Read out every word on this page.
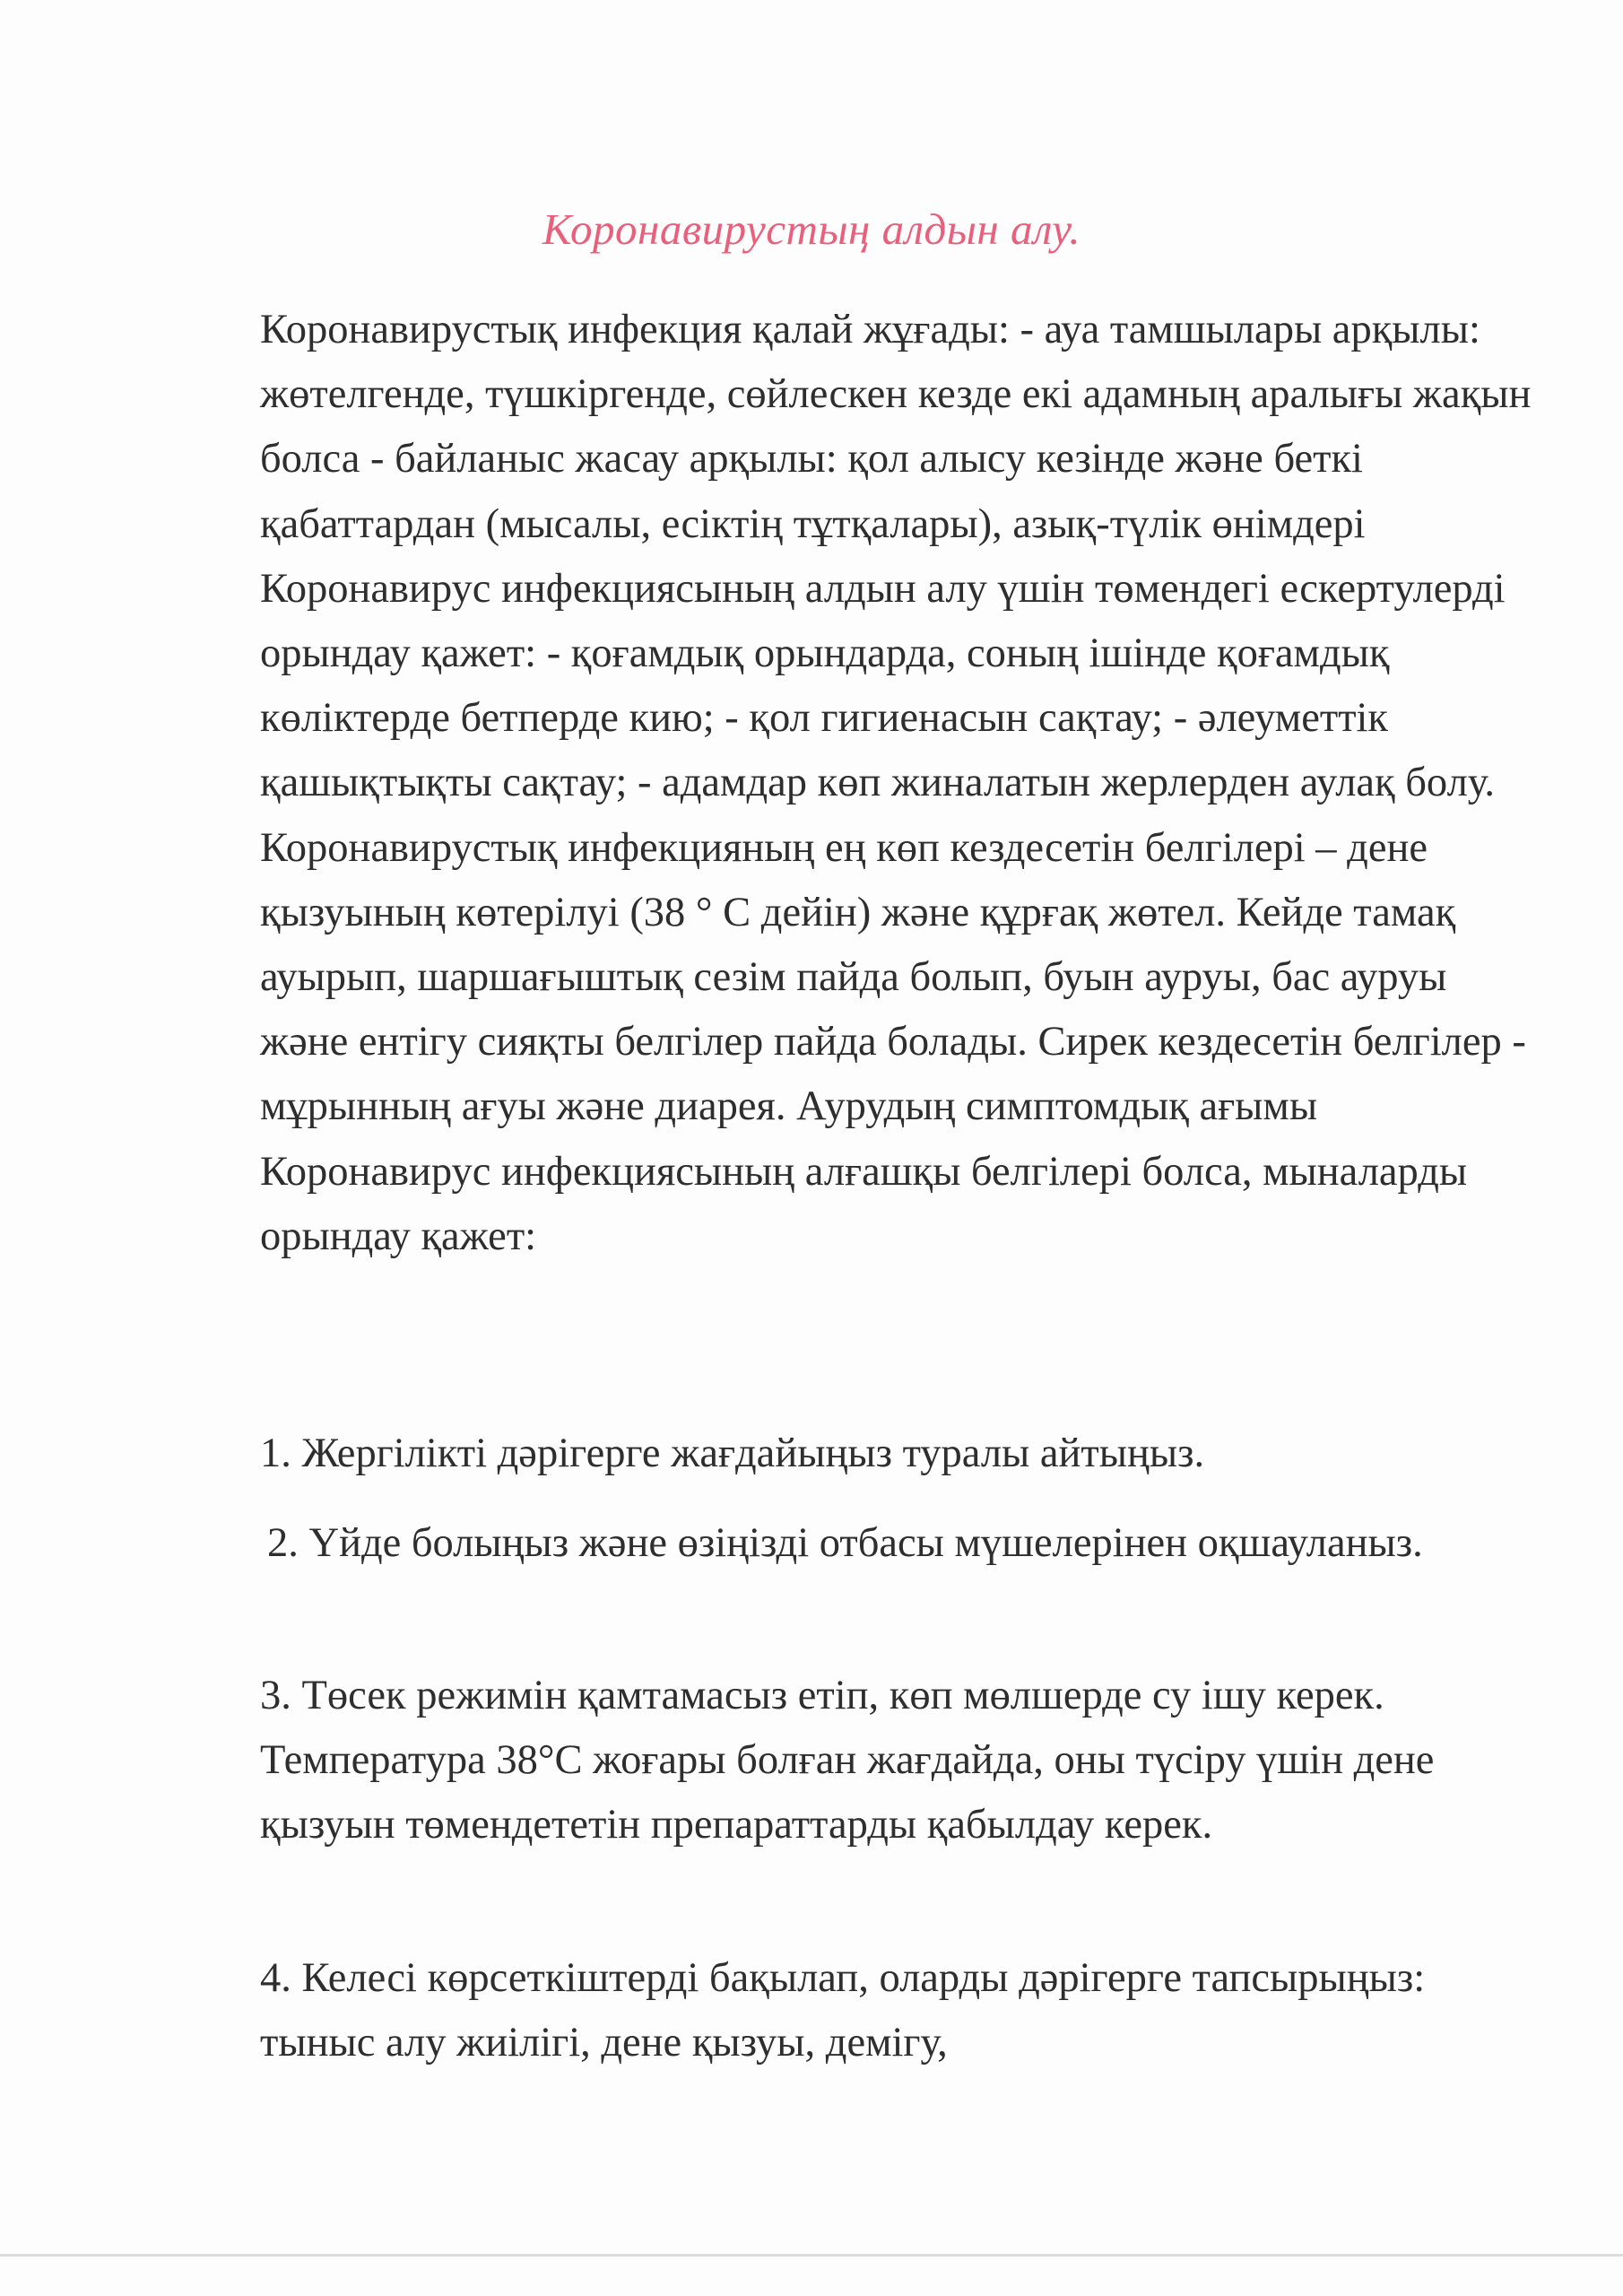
Коронавирустың алдын алу.

Коронавирустық инфекция қалай жұғады: - ауа тамшылары арқылы: жөтелгенде, түшкіргенде, сөйлескен кезде екі адамның аралығы жақын болса - байланыс жасау арқылы: қол алысу кезінде және беткі қабаттардан (мысалы, есіктің тұтқалары), азық-түлік өнімдері Коронавирус инфекциясының алдын алу үшін төмендегі ескертулерді орындау қажет: - қоғамдық орындарда, соның ішінде қоғамдық көліктерде бетперде кию; - қол гигиенасын сақтау; - әлеуметтік қашықтықты сақтау; - адамдар көп жиналатын жерлерден аулақ болу. Коронавирустық инфекцияның ең көп кездесетін белгілері – дене қызуының көтерілуі (38 ° С дейін) және құрғақ жөтел. Кейде тамақ ауырып, шаршағыштық сезім пайда болып, буын ауруы, бас ауруы және ентігу сияқты белгілер пайда болады. Сирек кездесетін белгілер - мұрынның ағуы және диарея. Аурудың симптомдық ағымы Коронавирус инфекциясының алғашқы белгілері болса, мыналарды орындау қажет:

1. Жергілікті дәрігерге жағдайыңыз туралы айтыңыз.

2. Үйде болыңыз және өзіңізді отбасы мүшелерінен оқшауланыз.

3. Төсек режимін қамтамасыз етіп, көп мөлшерде су ішу керек. Температура 38°С жоғары болған жағдайда, оны түсіру үшін дене қызуын төмендететін препараттарды қабылдау керек.

4. Келесі көрсеткіштерді бақылап, оларды дәрігерге тапсырыңыз: тыныс алу жиілігі, дене қызуы, демігу,
